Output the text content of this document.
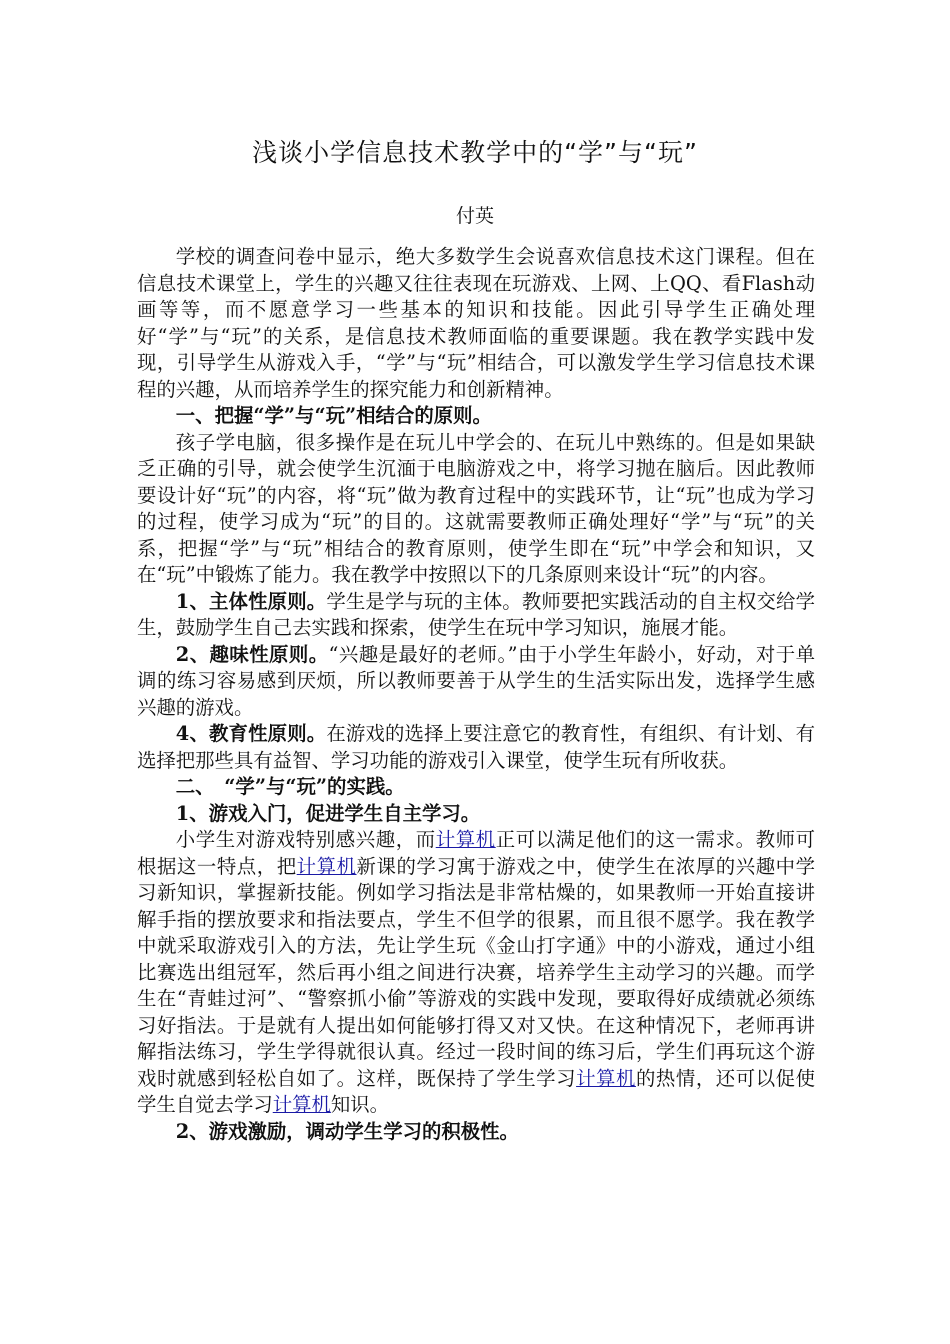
浅谈小学信息技术教学中的“学”与“玩”

付英

学校的调查问卷中显示，绝大多数学生会说喜欢信息技术这门课程。但在信息技术课堂上，学生的兴趣又往往表现在玩游戏、上网、上QQ、看Flash动画等等，而不愿意学习一些基本的知识和技能。因此引导学生正确处理好“学”与“玩”的关系，是信息技术教师面临的重要课题。我在教学实践中发现，引导学生从游戏入手，“学”与“玩”相结合，可以激发学生学习信息技术课程的兴趣，从而培养学生的探究能力和创新精神。

一、把握“学”与“玩”相结合的原则。

孩子学电脑，很多操作是在玩儿中学会的、在玩儿中熟练的。但是如果缺乏正确的引导，就会使学生沉湎于电脑游戏之中，将学习抛在脑后。因此教师要设计好“玩”的内容，将“玩”做为教育过程中的实践环节，让“玩”也成为学习的过程，使学习成为“玩”的目的。这就需要教师正确处理好“学”与“玩”的关系，把握“学”与“玩”相结合的教育原则，使学生即在“玩”中学会和知识，又在“玩”中锻炼了能力。我在教学中按照以下的几条原则来设计“玩”的内容。

1、主体性原则。学生是学与玩的主体。教师要把实践活动的自主权交给学生，鼓励学生自己去实践和探索，使学生在玩中学习知识，施展才能。

2、趣味性原则。“兴趣是最好的老师。”由于小学生年龄小，好动，对于单调的练习容易感到厌烦，所以教师要善于从学生的生活实际出发，选择学生感兴趣的游戏。

4、教育性原则。在游戏的选择上要注意它的教育性，有组织、有计划、有选择把那些具有益智、学习功能的游戏引入课堂，使学生玩有所收获。

二、　“学”与“玩”的实践。

1、游戏入门，促进学生自主学习。

小学生对游戏特别感兴趣，而计算机正可以满足他们的这一需求。教师可根据这一特点，把计算机新课的学习寓于游戏之中，使学生在浓厚的兴趣中学习新知识，掌握新技能。例如学习指法是非常枯燥的，如果教师一开始直接讲解手指的摆放要求和指法要点，学生不但学的很累，而且很不愿学。我在教学中就采取游戏引入的方法，先让学生玩《金山打字通》中的小游戏，通过小组比赛选出组冠军，然后再小组之间进行决赛，培养学生主动学习的兴趣。而学生在“青蛙过河”、“警察抓小偷”等游戏的实践中发现，要取得好成绩就必须练习好指法。于是就有人提出如何能够打得又对又快。在这种情况下，老师再讲解指法练习，学生学得就很认真。经过一段时间的练习后，学生们再玩这个游戏时就感到轻松自如了。这样，既保持了学生学习计算机的热情，还可以促使学生自觉去学习计算机知识。

2、游戏激励，调动学生学习的积极性。
